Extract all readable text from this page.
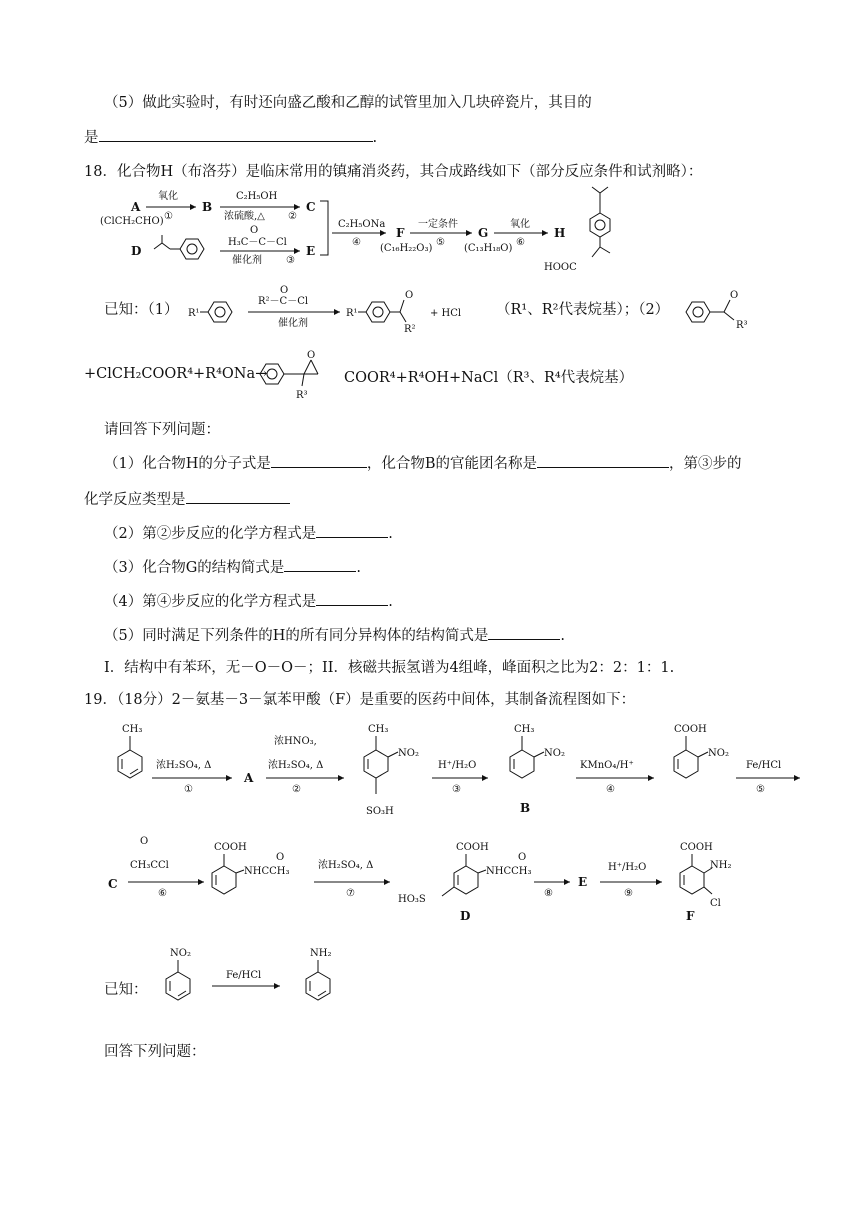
（5）做此实验时，有时还向盛乙酸和乙醇的试管里加入几块碎瓷片，其目的
是	.
18．化合物H（布洛芬）是临床常用的镇痛消炎药，其合成路线如下（部分反应条件和试剂略）：
A
(ClCH₂CHO)
氧化
①
B
C₂H₅OH
浓硫酸,△ ②
C
D
H₃C－C－Cl
O
催化剂 ③
E
C₂H₅ONa
④
F
(C₁₆H₂₂O₃)
一定条件
⑤
G
(C₁₃H₁₈O)
氧化
⑥
H
HOOC
已知：（1） R¹
R²－C－Cl
O
催化剂
R¹
O
R²
+ HCl （R¹、R²代表烷基）；（2）
O
R³
+ClCH₂COOR⁴+R⁴ONa→
O
R³
COOR⁴+R⁴OH+NaCl（R³、R⁴代表烷基）
请回答下列问题：
（1）化合物H的分子式是	，化合物B的官能团名称是	，第③步的
化学反应类型是
（2）第②步反应的化学方程式是	.
（3）化合物G的结构简式是	.
（4）第④步反应的化学方程式是	.
（5）同时满足下列条件的H的所有同分异构体的结构简式是	.
I．结构中有苯环，无－O－O－；II．核磁共振氢谱为4组峰，峰面积之比为2：2：1：1.
19．（18分）2－氨基－3－氯苯甲酸（F）是重要的医药中间体，其制备流程图如下：
CH₃
浓H₂SO₄, Δ
①
A
浓HNO₃,
浓H₂SO₄, Δ
②
CH₃
NO₂
SO₃H
H⁺/H₂O
③
CH₃
NO₂
B
KMnO₄/H⁺
④
COOH
NO₂
Fe/HCl
⑤
C
O
CH₃CCl
⑥
COOH
NHCCH₃
O
浓H₂SO₄, Δ
⑦
COOH
NHCCH₃
O
HO₃S
D
⑧
E
H⁺/H₂O
⑨
COOH
NH₂
Cl
F
已知：
NO₂
Fe/HCl
NH₂
回答下列问题：
